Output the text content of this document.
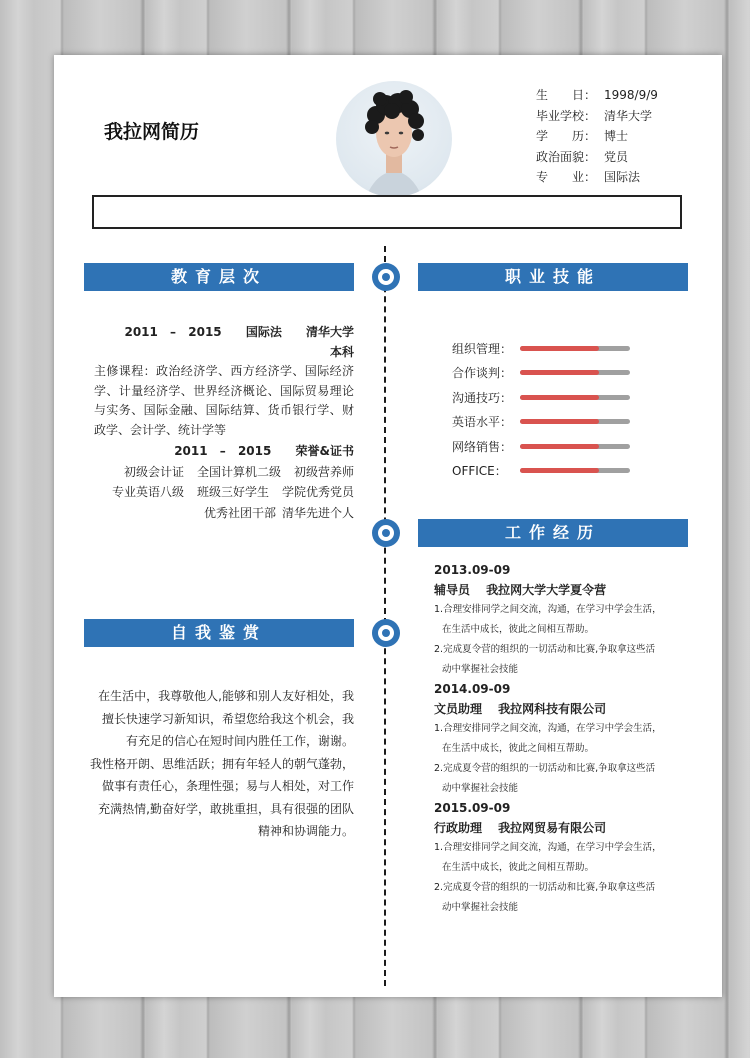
我拉网简历
生　　日： 1998/9/9
毕业学校： 清华大学
学　　历： 博士
政治面貌： 党员
专　　业： 国际法
教育层次	职业技能
工作经历
自我鉴赏
2011 – 2015　 国际法　 清华大学　 本科
主修课程：政治经济学、西方经济学、国际经济学、计量经济学、世界经济概论、国际贸易理论与实务、国际金融、国际结算、货币银行学、财政学、会计学、统计学等
2011 – 2015　 荣誉&证书
初级会计证 全国计算机二级 初级营养师
专业英语八级 班级三好学生 学院优秀党员
优秀社团干部 清华先进个人
组织管理：
合作谈判：
沟通技巧：
英语水平：
网络销售：
OFFICE：
2013.09-09
辅导员　 我拉网大学大学夏令营
1.合理安排同学之间交流，沟通，在学习中学会生活，
在生活中成长，彼此之间相互帮助。
2.完成夏令营的组织的一切活动和比赛,争取拿这些活
动中掌握社会技能
2014.09-09
文员助理　 我拉网科技有限公司
1.合理安排同学之间交流，沟通，在学习中学会生活，
在生活中成长，彼此之间相互帮助。
2.完成夏令营的组织的一切活动和比赛,争取拿这些活
动中掌握社会技能
2015.09-09
行政助理　 我拉网贸易有限公司
1.合理安排同学之间交流，沟通，在学习中学会生活，
在生活中成长，彼此之间相互帮助。
2.完成夏令营的组织的一切活动和比赛,争取拿这些活
动中掌握社会技能
在生活中，我尊敬他人,能够和别人友好相处，我
擅长快速学习新知识，希望您给我这个机会，我
有充足的信心在短时间内胜任工作，谢谢。
我性格开朗、思维活跃；拥有年轻人的朝气蓬勃，
做事有责任心，条理性强；易与人相处，对工作
充满热情,勤奋好学，敢挑重担，具有很强的团队
精神和协调能力。
